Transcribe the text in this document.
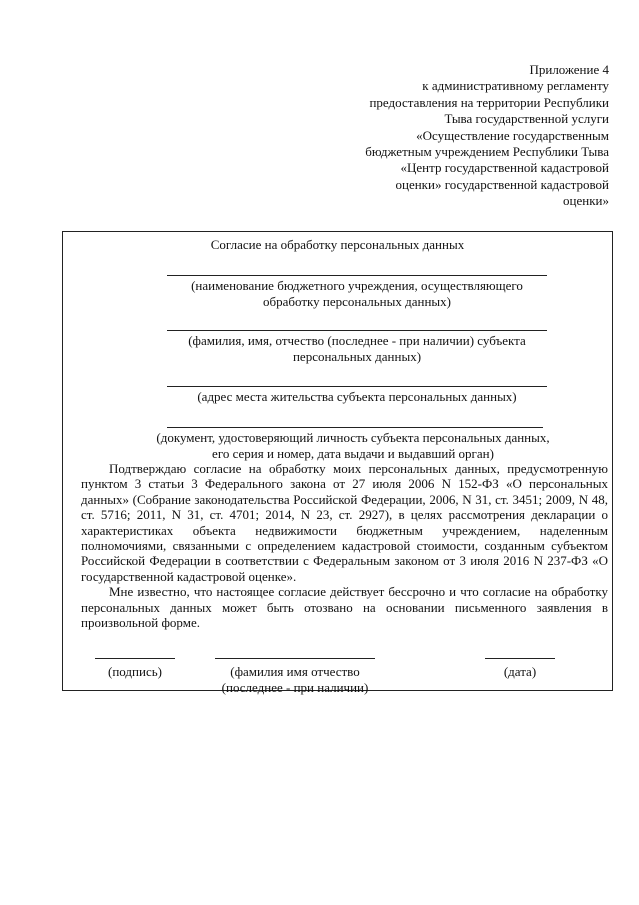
Приложение 4
к административному регламенту
предоставления на территории Республики
Тыва государственной услуги
«Осуществление государственным
бюджетным учреждением Республики Тыва
«Центр государственной кадастровой
оценки» государственной кадастровой
оценки»
Согласие на обработку персональных данных
(наименование бюджетного учреждения, осуществляющего
обработку персональных данных)
(фамилия, имя, отчество (последнее - при наличии) субъекта
персональных данных)
(адрес места жительства субъекта персональных данных)
(документ, удостоверяющий личность субъекта персональных данных,
его серия и номер, дата выдачи и выдавший орган)

Подтверждаю согласие на обработку моих персональных данных, предусмотренную пунктом 3 статьи 3 Федерального закона от 27 июля 2006 N 152-ФЗ «О персональных данных» (Собрание законодательства Российской Федерации, 2006, N 31, ст. 3451; 2009, N 48, ст. 5716; 2011, N 31, ст. 4701; 2014, N 23, ст. 2927), в целях рассмотрения декларации о характеристиках объекта недвижимости бюджетным учреждением, наделенным полномочиями, связанными с определением кадастровой стоимости, созданным субъектом Российской Федерации в соответствии с Федеральным законом от 3 июля 2016 N 237-ФЗ «О государственной кадастровой оценке».

Мне известно, что настоящее согласие действует бессрочно и что согласие на обработку персональных данных может быть отозвано на основании письменного заявления в произвольной форме.

(подпись)	(фамилия имя отчество
(последнее - при наличии)
(дата)
